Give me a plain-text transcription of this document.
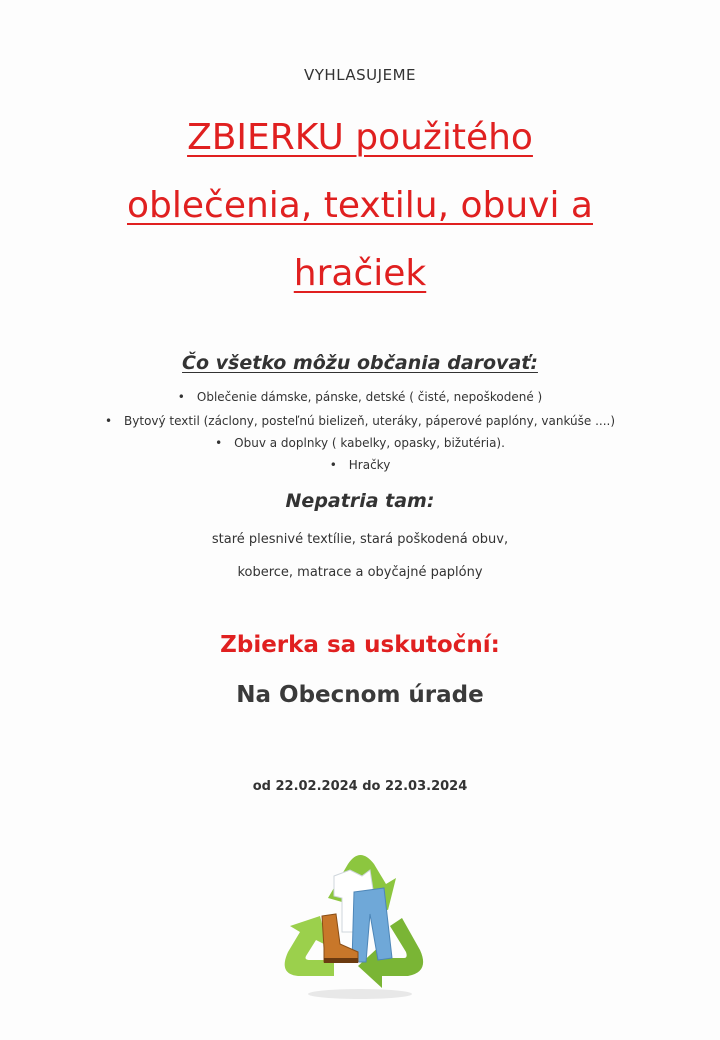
VYHLASUJEME
ZBIERKU použitého
oblečenia, textilu, obuvi a
hračiek
Čo všetko môžu občania darovať:
• Oblečenie dámske, pánske, detské ( čisté, nepoškodené )
• Bytový textil (záclony, posteľnú bielizeň, uteráky, páperové paplóny, vankúše ....)
• Obuv a doplnky ( kabelky, opasky, bižutéria).
• Hračky
Nepatria tam:
staré plesnivé textílie, stará poškodená obuv,
koberce, matrace a obyčajné paplóny
Zbierka sa uskutoční:
Na Obecnom úrade
od 22.02.2024 do 22.03.2024
